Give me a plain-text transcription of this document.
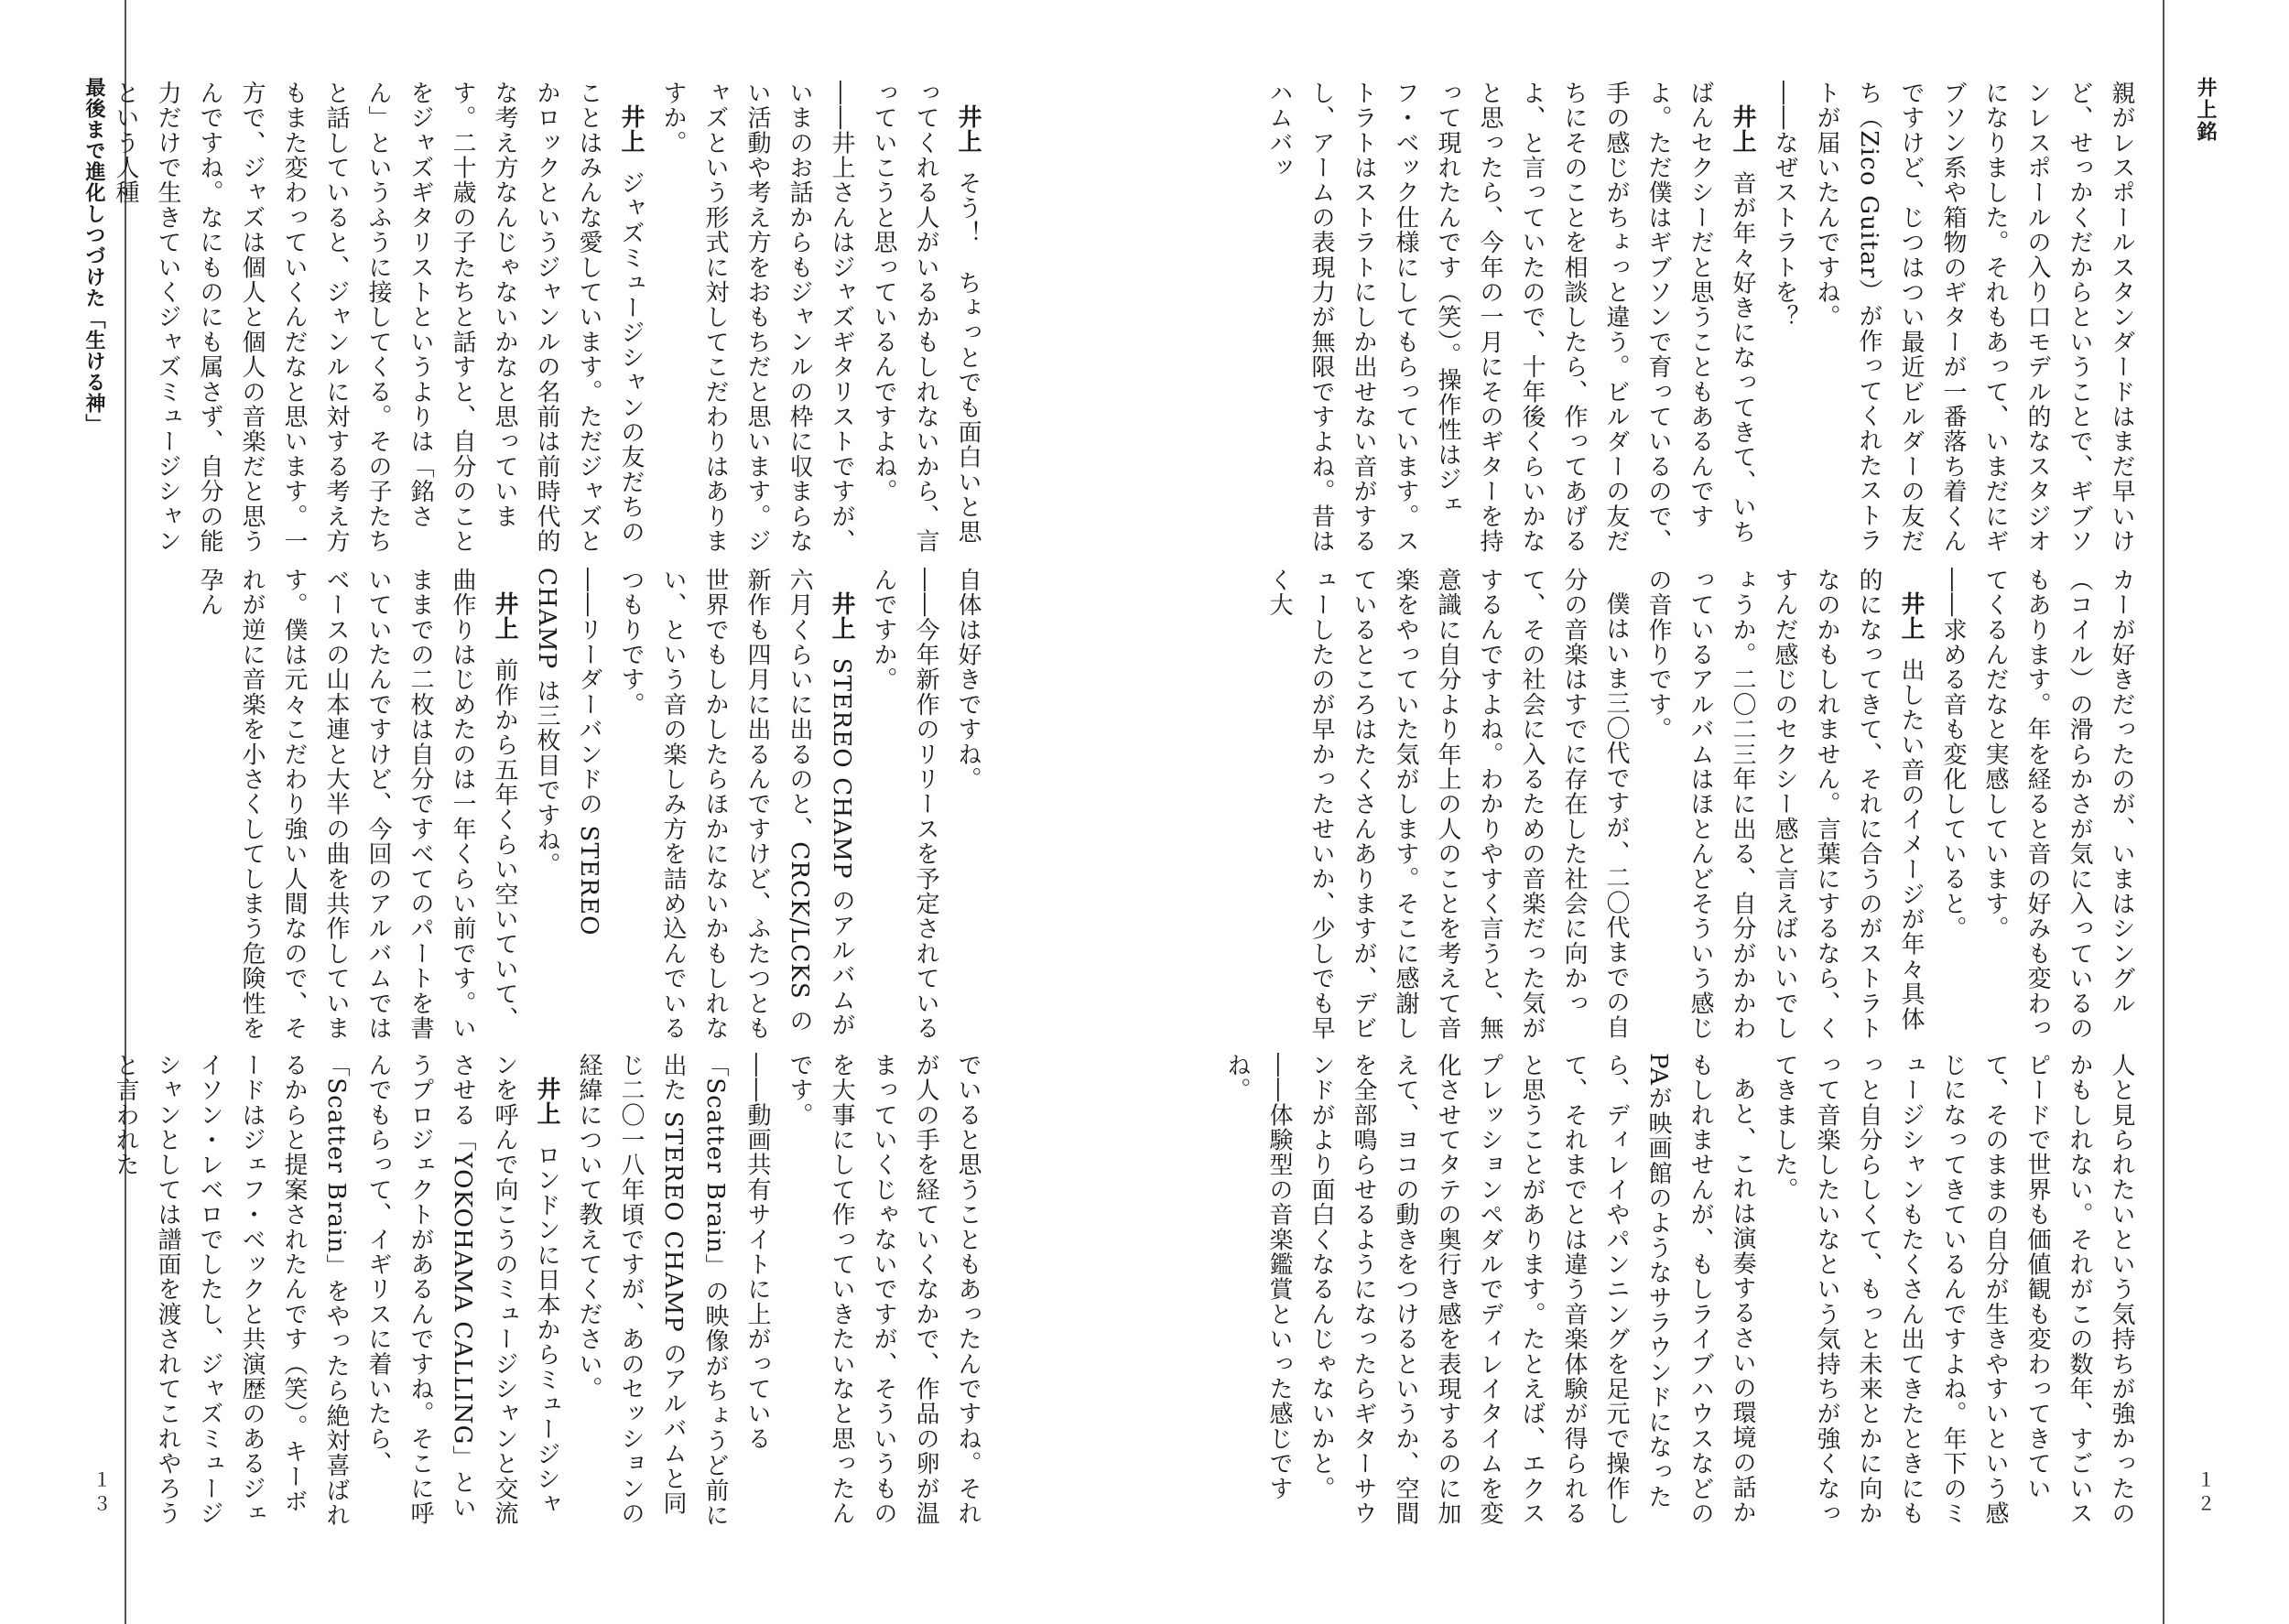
最後まで進化しつづけた「生ける神」
１３

井上そう！　ちょっとでも面白いと思ってくれる人がいるかもしれないから、言っていこうと思っているんですよね。

――井上さんはジャズギタリストですが、いまのお話からもジャンルの枠に収まらない活動や考え方をおもちだと思います。ジャズという形式に対してこだわりはありますか。

井上ジャズミュージシャンの友だちのことはみんな愛しています。ただジャズとかロックというジャンルの名前は前時代的な考え方なんじゃないかなと思っています。二十歳の子たちと話すと、自分のことをジャズギタリストというよりは「銘さん」というふうに接してくる。その子たちと話していると、ジャンルに対する考え方もまた変わっていくんだなと思います。一方で、ジャズは個人と個人の音楽だと思うんですね。なにものにも属さず、自分の能力だけで生きていくジャズミュージシャンという人種

自体は好きですね。

――今年新作のリリースを予定されているんですか。

井上STEREO CHAMP のアルバムが六月くらいに出るのと、CRCK/LCKS の新作も四月に出るんですけど、ふたつとも世界でもしかしたらほかにないかもしれない、という音の楽しみ方を詰め込んでいるつもりです。

――リーダーバンドの STEREO CHAMP は三枚目ですね。

井上前作から五年くらい空いていて、曲作りはじめたのは一年くらい前です。いままでの二枚は自分ですべてのパートを書いていたんですけど、今回のアルバムではベースの山本連と大半の曲を共作しています。僕は元々こだわり強い人間なので、それが逆に音楽を小さくしてしまう危険性を孕ん

でいると思うこともあったんですね。それが人の手を経ていくなかで、作品の卵が温まっていくじゃないですが、そういうものを大事にして作っていきたいなと思ったんです。

――動画共有サイトに上がっている「Scatter Brain」の映像がちょうど前に出た STEREO CHAMP のアルバムと同じ二〇一八年頃ですが、あのセッションの経緯について教えてください。

井上ロンドンに日本からミュージシャンを呼んで向こうのミュージシャンと交流させる「YOKOHAMA CALLING」というプロジェクトがあるんですね。そこに呼んでもらって、イギリスに着いたら、「Scatter Brain」をやったら絶対喜ばれるからと提案されたんです（笑）。キーボードはジェフ・ベックと共演歴のあるジェイソン・レベロでしたし、ジャズミュージシャンとしては譜面を渡されてこれやろうと言われた

井上銘
１２

親がレスポールスタンダードはまだ早いけど、せっかくだからということで、ギブソンレスポールの入り口モデル的なスタジオになりました。それもあって、いまだにギブソン系や箱物のギターが一番落ち着くんですけど、じつはつい最近ビルダーの友だち（Zico Guitar）が作ってくれたストラトが届いたんですね。

――なぜストラトを？

井上音が年々好きになってきて、いちばんセクシーだと思うこともあるんですよ。ただ僕はギブソンで育っているので、手の感じがちょっと違う。ビルダーの友だちにそのことを相談したら、作ってあげるよ、と言っていたので、十年後くらいかなと思ったら、今年の一月にそのギターを持って現れたんです（笑）。操作性はジェフ・ベック仕様にしてもらっています。ストラトはストラトにしか出せない音がするし、アームの表現力が無限ですよね。昔はハムバッ

カーが好きだったのが、いまはシングル（コイル）の滑らかさが気に入っているのもあります。年を経ると音の好みも変わってくるんだなと実感しています。

――求める音も変化していると。

井上出したい音のイメージが年々具体的になってきて、それに合うのがストラトなのかもしれません。言葉にするなら、くすんだ感じのセクシー感と言えばいいでしょうか。二〇二三年に出る、自分がかかわっているアルバムはほとんどそういう感じの音作りです。

僕はいま三〇代ですが、二〇代までの自分の音楽はすでに存在した社会に向かって、その社会に入るための音楽だった気がするんですよね。わかりやすく言うと、無意識に自分より年上の人のことを考えて音楽をやっていた気がします。そこに感謝しているところはたくさんありますが、デビューしたのが早かったせいか、少しでも早く大

人と見られたいという気持ちが強かったのかもしれない。それがこの数年、すごいスピードで世界も価値観も変わってきていて、そのままの自分が生きやすいという感じになってきているんですよね。年下のミュージシャンもたくさん出てきたときにもっと自分らしくて、もっと未来とかに向かって音楽したいなという気持ちが強くなってきました。

あと、これは演奏するさいの環境の話かもしれませんが、もしライブハウスなどのPAが映画館のようなサラウンドになったら、ディレイやパンニングを足元で操作して、それまでとは違う音楽体験が得られると思うことがあります。たとえば、エクスプレッションペダルでディレイタイムを変化させてタテの奥行き感を表現するのに加えて、ヨコの動きをつけるというか、空間を全部鳴らせるようになったらギターサウンドがより面白くなるんじゃないかと。

――体験型の音楽鑑賞といった感じですね。
